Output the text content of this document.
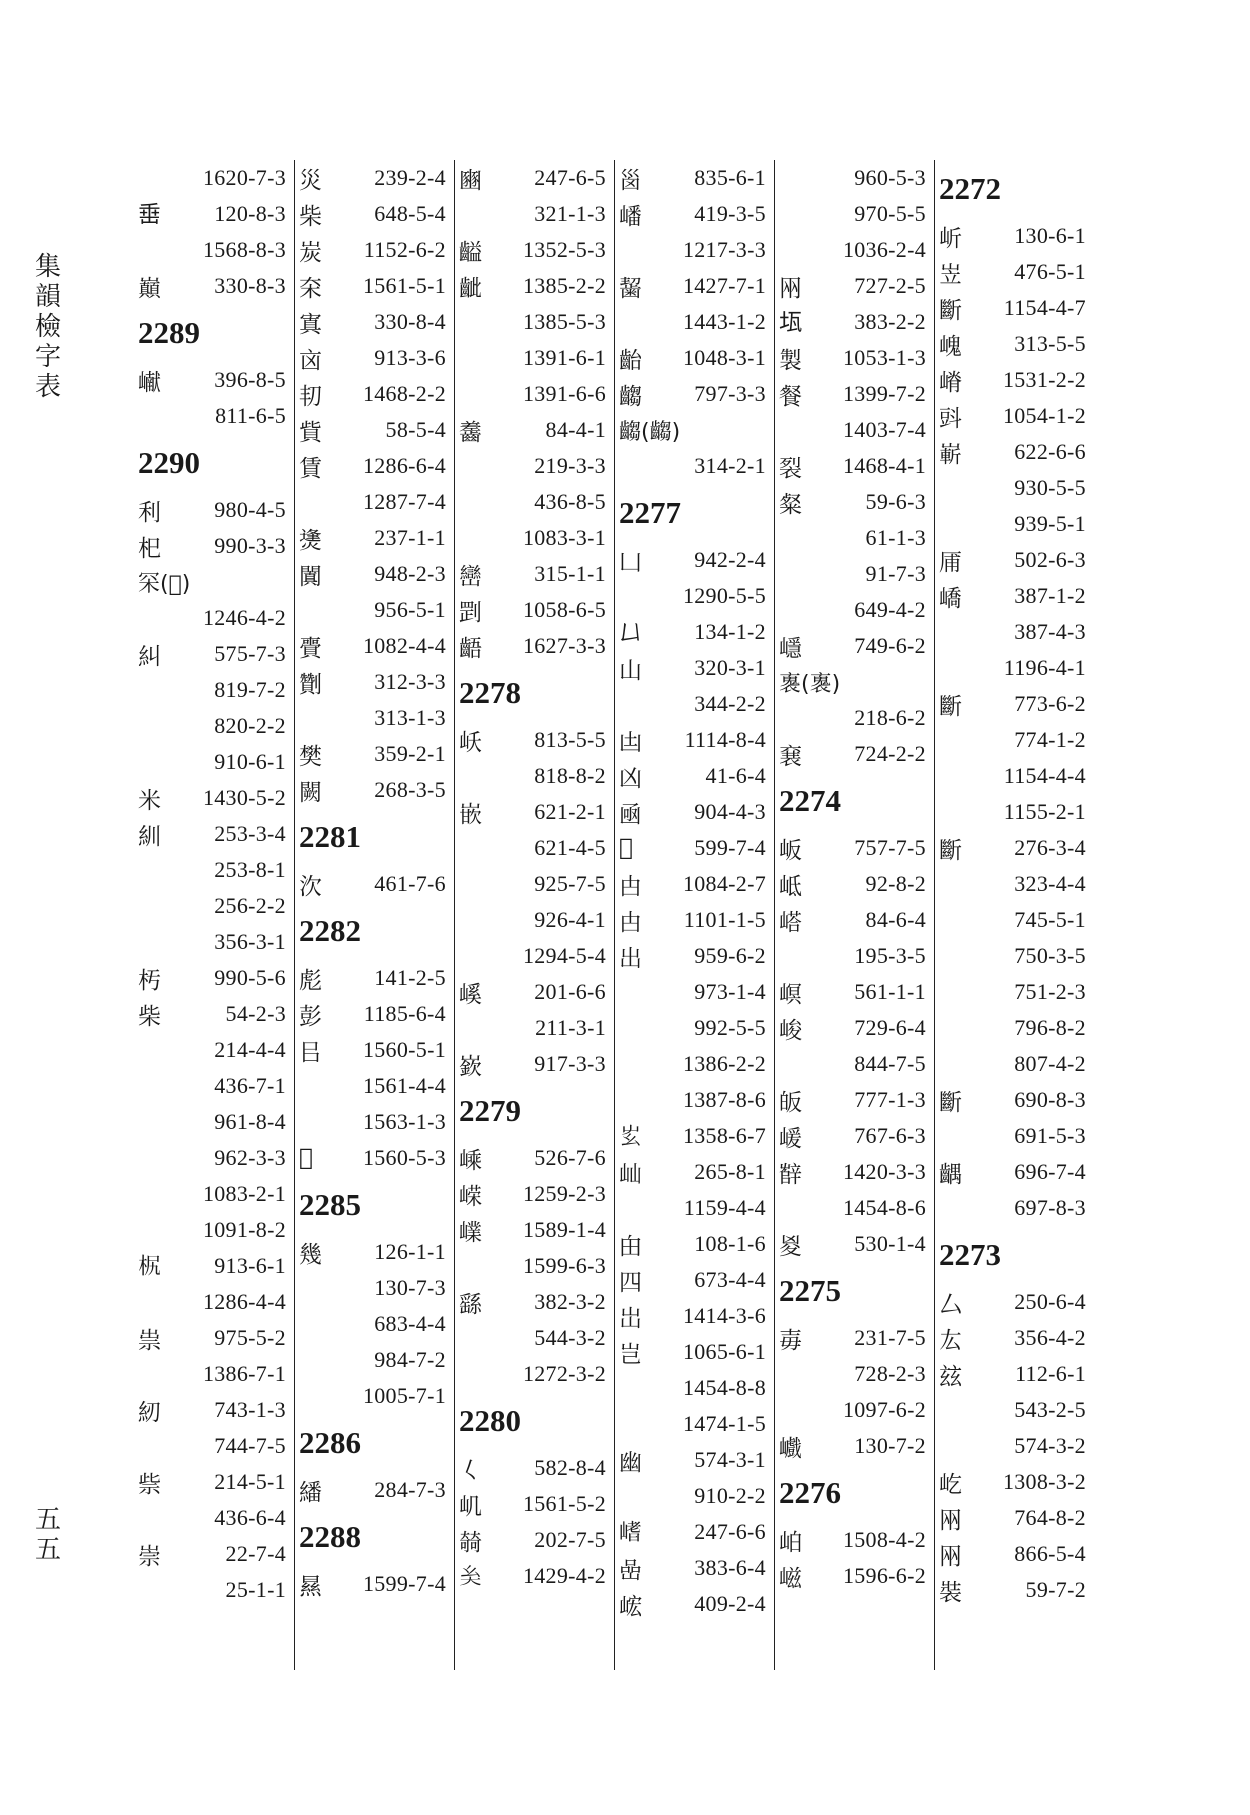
集韻檢字表
五五
1620-7-3
𡸁	120-8-3
1568-8-3
巔	330-8-3
2289
𪩘	396-8-5
811-6-5
2290
利	980-4-5
𣏌	990-3-3
罙(𠬸)
1246-4-2
糾	575-7-3
819-7-2
820-2-2
910-6-1
米	1430-5-2
紃	253-3-4
253-8-1
256-2-2
356-3-1
𣏓	990-5-6
柴	54-2-3
214-4-4
436-7-1
961-8-4
962-3-3
1083-2-1
1091-8-2
𣐊	913-6-1
1286-4-4
祟	975-5-2
1386-7-1
紉	743-1-3
744-7-5
祡	214-5-1
436-6-4
崇	22-7-4
25-1-1
災	239-2-4
柴	648-5-4
炭	1152-6-2
㚓	1561-5-1
寘	330-8-4
㐫	913-3-6
㓞	1468-2-2
貲	58-5-4
賃	1286-6-4
1287-7-4
㷭	237-1-1
闐	948-2-3
956-5-1
賷	1082-4-4
劗	312-3-3
313-1-3
樊	359-2-1
闕	268-3-5
2281
㳄	461-7-6
2282
彪	141-2-5
彭	1185-6-4
㠯	1560-5-1
1561-4-4
1563-1-3
𨞞	1560-5-3
2285
幾	126-1-1
130-7-3
683-4-4
984-7-2
1005-7-1
2286
繙	284-7-3
2288
㬎	1599-7-4
豳	247-6-5
321-1-3
齸	1352-5-3
齜	1385-2-2
1385-5-3
1391-6-1
1391-6-6
齹	84-4-1
219-3-3
436-8-5
1083-3-1
巒	315-1-1
㓻	1058-6-5
齬	1627-3-3
2278
岆	813-5-5
818-8-2
嵌	621-2-1
621-4-5
925-7-5
926-4-1
1294-5-4
嵠	201-6-6
211-3-1
嶔	917-3-3
2279
嵊	526-7-6
嵘	1259-2-3
嶫	1589-1-4
1599-6-3
繇	382-3-2
544-3-2
1272-3-2
2280
𡿨	582-8-4
㞦	1561-5-2
㚡	202-7-5
𡗞	1429-4-2
𡿺	835-6-1
嶓	419-3-5
1217-3-3
𪘂	1427-7-1
1443-1-2
齝	1048-3-1
齺	797-3-3
齺(齺)
314-2-1
2277
凵	942-2-4
1290-5-5
𠙴	134-1-2
山	320-3-1
344-2-2
凷	1114-8-4
凶	41-6-4
凾	904-4-3
𡵋	599-7-4
甴	1084-2-7
甴	1101-1-5
出	959-6-2
973-1-4
992-5-5
1386-2-2
1387-8-6
𡴁	1358-6-7
屾	265-8-1
1159-4-4
甶	108-1-6
四	673-4-4
岀	1414-3-6
岂	1065-6-1
1454-8-8
1474-1-5
幽	574-3-1
910-2-2
𡺸	247-6-6
嵒	383-6-4
峵	409-2-4
960-5-3
970-5-5
1036-2-4
㒳	727-2-5
𤬪	383-2-2
製	1053-1-3
餐	1399-7-2
1403-7-4
裂	1468-4-1
粲	59-6-3
61-1-3
91-7-3
649-4-2
嶾	749-6-2
褢(褢)
218-6-2
㐮	724-2-2
2274
岅	757-7-5
岻	92-8-2
㟷	84-6-4
195-3-5
㟰	561-1-1
峻	729-6-4
844-7-5
皈	777-1-3
嵈	767-6-3
辥	1420-3-3
1454-8-6
㚇	530-1-4
2275
毐	231-7-5
728-2-3
1097-6-2
巇	130-7-2
2276
岶	1508-4-2
嵫	1596-6-2
2272
岓	130-6-1
岦	476-5-1
斷	1154-4-7
㟴	313-5-5
嵴	1531-2-2
㪷	1054-1-2
嶄	622-6-6
930-5-5
939-5-1
㕊	502-6-3
嶠	387-1-2
387-4-3
1196-4-1
斷	773-6-2
774-1-2
1154-4-4
1155-2-1
斷	276-3-4
323-4-4
745-5-1
750-3-5
751-2-3
796-8-2
807-4-2
斷	690-8-3
691-5-3
齵	696-7-4
697-8-3
2273
厶	250-6-4
厷	356-4-2
玆	112-6-1
543-2-5
574-3-2
屹	1308-3-2
㒳	764-8-2
㒳	866-5-4
裝	59-7-2
